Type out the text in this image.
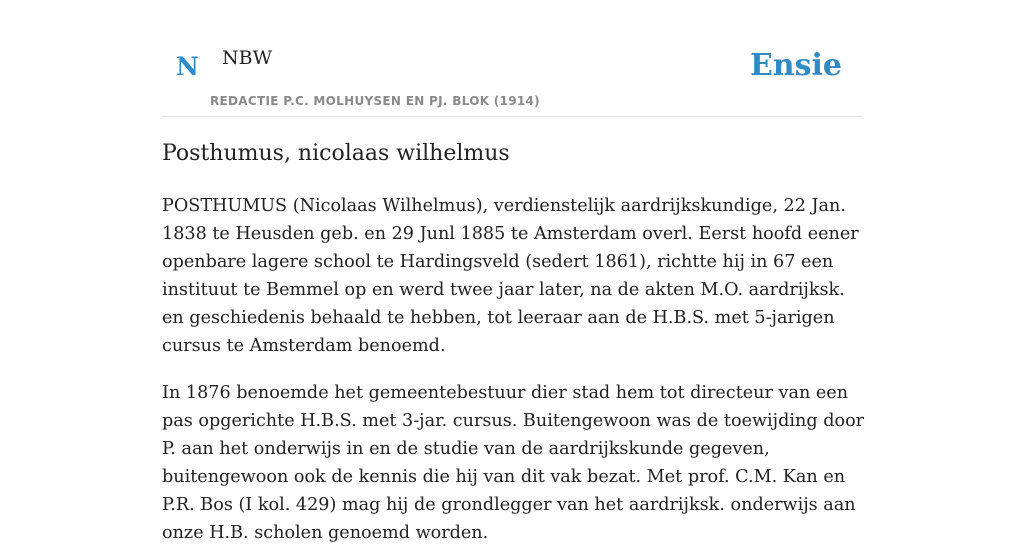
N NBW
REDACTIE P.C. MOLHUYSEN EN PJ. BLOK (1914)
Ensie
Posthumus, nicolaas wilhelmus

POSTHUMUS (Nicolaas Wilhelmus), verdienstelijk aardrijkskundige, 22 Jan. 1838 te Heusden geb. en 29 Junl 1885 te Amsterdam overl. Eerst hoofd eener openbare lagere school te Hardingsveld (sedert 1861), richtte hij in 67 een instituut te Bemmel op en werd twee jaar later, na de akten M.O. aardrijksk. en geschiedenis behaald te hebben, tot leeraar aan de H.B.S. met 5-jarigen cursus te Amsterdam benoemd.

In 1876 benoemde het gemeentebestuur dier stad hem tot directeur van een pas opgerichte H.B.S. met 3-jar. cursus. Buitengewoon was de toewijding door P. aan het onderwijs in en de studie van de aardrijkskunde gegeven, buitengewoon ook de kennis die hij van dit vak bezat. Met prof. C.M. Kan en P.R. Bos (I kol. 429) mag hij de grondlegger van het aardrijksk. onderwijs aan onze H.B. scholen genoemd worden.
